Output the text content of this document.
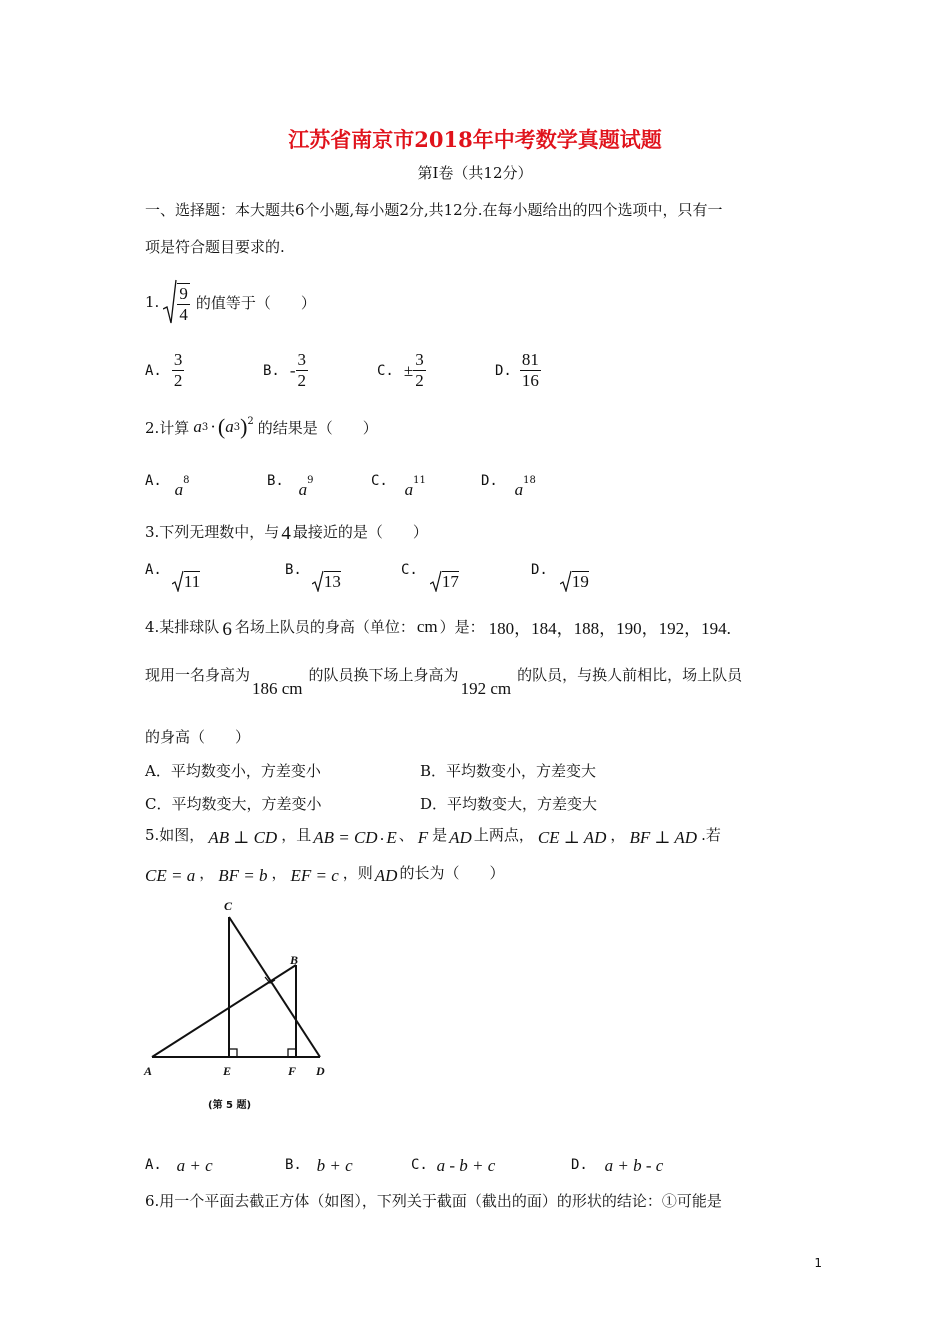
江苏省南京市2018年中考数学真题试题
第Ⅰ卷（共12分）
一、选择题：本大题共6个小题,每小题2分,共12分.在每小题给出的四个选项中，只有一
项是符合题目要求的.
1. $\frac{9}{4}$ 的值等于（　　）
A. $\frac{3}{2}$	B. - $\frac{3}{2}$	C. ± $\frac{3}{2}$	D. $\frac{81}{16}$
2.计算 a 3 · ( a 3 )$^2$ 的结果是（　　）
A. $a^8$	B. $a^9$	C. $a^{11}$	D. $a^{18}$
3.下列无理数中，与 4 最接近的是（　　）
A.
11
B.
13
C.
17
D.
19
4.某排球队 6 名场上队员的身高（单位： cm ）是： 180，184，188，190，192，194.
现用一名身高为186 cm的队员换下场上身高为192 cm的队员，与换人前相比，场上队员
的身高（　　）
A．平均数变小，方差变小	B．平均数变小，方差变大
C．平均数变大，方差变小	D．平均数变大，方差变大
5.如图， AB ⊥ CD ，且 AB = CD . E 、 F 是 AD 上两点， CE ⊥ AD ， BF ⊥ AD .若
CE = a ， BF = b ， EF = c ，则 AD 的长为（　　）
C
B
A	E	F D
(第 5 题)
A. a + c	B. b + c	C. a - b + c	D. a + b - c
6.用一个平面去截正方体（如图），下列关于截面（截出的面）的形状的结论：①可能是
1
